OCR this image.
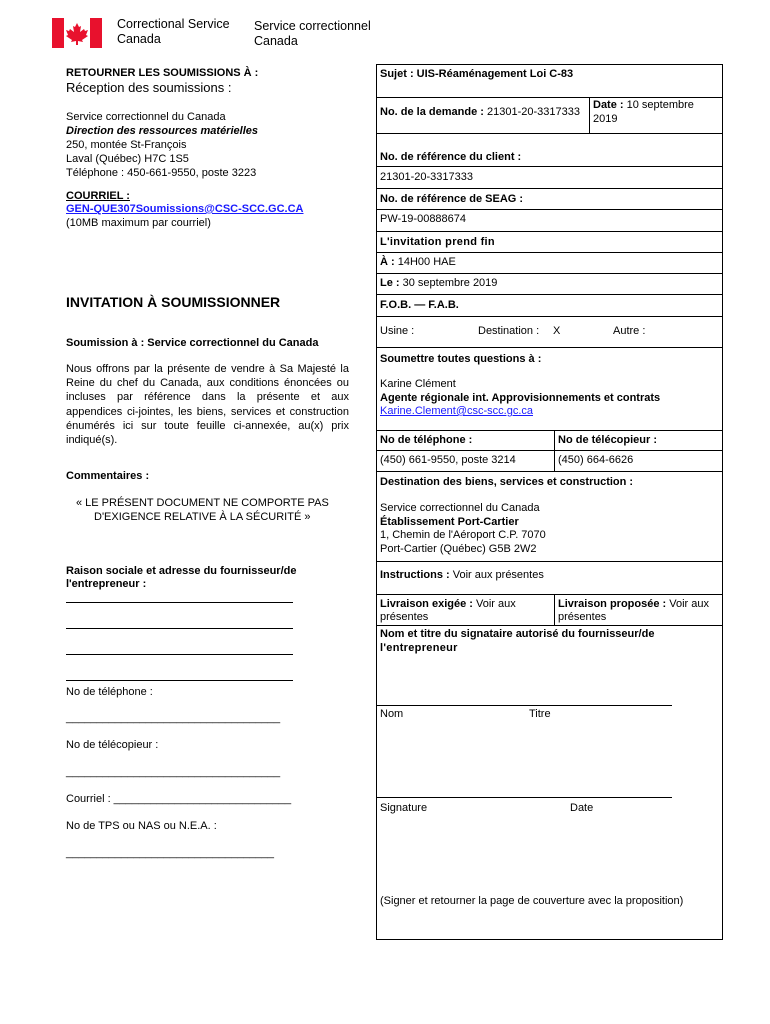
Correctional Service
Canada
Service correctionnel
Canada
RETOURNER LES SOUMISSIONS À :
Réception des soumissions :
Service correctionnel du Canada
Direction des ressources matérielles
250, montée St-François
Laval (Québec) H7C 1S5
Téléphone : 450-661-9550, poste 3223
COURRIEL :
GEN-QUE307Soumissions@CSC-SCC.GC.CA
(10MB maximum par courriel)
INVITATION À SOUMISSIONNER
Soumission à : Service correctionnel du Canada
Nous offrons par la présente de vendre à Sa Majesté la Reine du chef du Canada, aux conditions énoncées ou incluses par référence dans la présente et aux appendices ci-jointes, les biens, services et construction énumérés ici sur toute feuille ci-annexée, au(x) prix indiqué(s).
Commentaires :
« LE PRÉSENT DOCUMENT NE COMPORTE PAS
D'EXIGENCE RELATIVE À LA SÉCURITÉ »
Raison sociale et adresse du fournisseur/de
l'entrepreneur :
No de téléphone :
___________________________________
No de télécopieur :
___________________________________
Courriel : _____________________________
No de TPS ou NAS ou N.E.A. :
__________________________________
Sujet : UIS-Réaménagement Loi C-83
No. de la demande : 21301-20-3317333
Date : 10 septembre
2019
No. de référence du client :
21301-20-3317333
No. de référence de SEAG :
PW-19-00888674
L'invitation prend fin
À : 14H00 HAE
Le : 30 septembre 2019
F.O.B. — F.A.B.
Usine :	Destination : X	Autre :
Soumettre toutes questions à :
Karine Clément
Agente régionale int. Approvisionnements et contrats
Karine.Clement@csc-scc.gc.ca
No de téléphone :	No de télécopieur :
(450) 661-9550, poste 3214	(450) 664-6626
Destination des biens, services et construction :
Service correctionnel du Canada
Établissement Port-Cartier
1, Chemin de l'Aéroport C.P. 7070
Port-Cartier (Québec) G5B 2W2
Instructions : Voir aux présentes
Livraison exigée : Voir aux présentes
Livraison proposée : Voir aux présentes
Nom et titre du signataire autorisé du fournisseur/de
l'entrepreneur
Nom	Titre
Signature	Date
(Signer et retourner la page de couverture avec la proposition)
